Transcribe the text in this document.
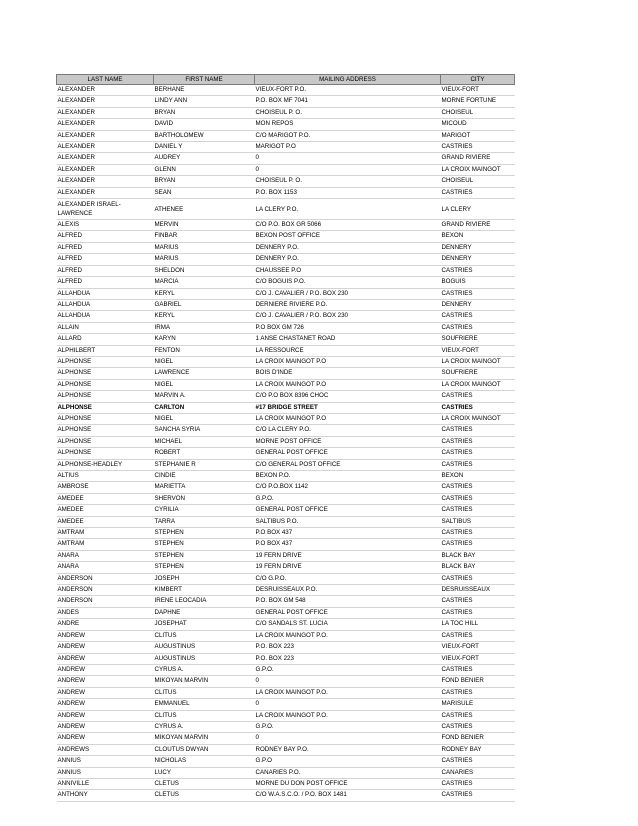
LAST NAME	FIRST NAME	MAILING ADDRESS	CITY
ALEXANDER	BERHANE	VIEUX-FORT P.O.	VIEUX-FORT
ALEXANDER	LINDY ANN	P.O. BOX MF 7041	MORNE FORTUNE
ALEXANDER	BRYAN	CHOISEUL P. O.	CHOISEUL
ALEXANDER	DAVID	MON REPOS	MICOUD
ALEXANDER	BARTHOLOMEW	C/O MARIGOT P.O.	MARIGOT
ALEXANDER	DANIEL Y	MARIGOT P.O	CASTRIES
ALEXANDER	AUDREY	0	GRAND RIVIERE
ALEXANDER	GLENN	0	LA CROIX MAINGOT
ALEXANDER	BRYAN	CHOISEUL P. O.	CHOISEUL
ALEXANDER	SEAN	P.O. BOX 1153	CASTRIES
ALEXANDER ISRAEL-LAWRENCE	ATHENEE	LA CLERY P.O.	LA CLERY
ALEXIS	MERVIN	C/O P.O. BOX GR 5066	GRAND RIVIERE
ALFRED	FINBAR	BEXON POST OFFICE	BEXON
ALFRED	MARIUS	DENNERY P.O.	DENNERY
ALFRED	MARIUS	DENNERY P.O.	DENNERY
ALFRED	SHELDON	CHAUSSEE P.O	CASTRIES
ALFRED	MARCIA	C/O BOGUIS P.O.	BOGUIS
ALLAHDUA	KERYL	C/O J. CAVALIER / P.O. BOX 230	CASTRIES
ALLAHDUA	GABRIEL	DERNIERE RIVIERE P.O.	DENNERY
ALLAHDUA	KERYL	C/O J. CAVALIER / P.O. BOX 230	CASTRIES
ALLAIN	IRMA	P.O BOX GM 726	CASTRIES
ALLARD	KARYN	1 ANSE CHASTANET ROAD	SOUFRIERE
ALPHILBERT	FENTON	LA RESSOURCE	VIEUX-FORT
ALPHONSE	NIGEL	LA CROIX MAINGOT P.O	LA CROIX MAINGOT
ALPHONSE	LAWRENCE	BOIS D'INDE	SOUFRIERE
ALPHONSE	NIGEL	LA CROIX MAINGOT P.O	LA CROIX MAINGOT
ALPHONSE	MARVIN A.	C/O P.O BOX 8396 CHOC	CASTRIES
ALPHONSE	CARLTON	#17 BRIDGE STREET	CASTRIES
ALPHONSE	NIGEL	LA CROIX MAINGOT P.O	LA CROIX MAINGOT
ALPHONSE	SANCHA SYRIA	C/O LA CLERY P.O.	CASTRIES
ALPHONSE	MICHAEL	MORNE POST OFFICE	CASTRIES
ALPHONSE	ROBERT	GENERAL POST OFFICE	CASTRIES
ALPHONSE-HEADLEY	STEPHANIE R	C/O GENERAL POST OFFICE	CASTRIES
ALTIUS	CINDIE	BEXON P.O.	BEXON
AMBROSE	MARIETTA	C/O P.O.BOX 1142	CASTRIES
AMEDEE	SHERVON	G.P.O.	CASTRIES
AMEDEE	CYRILIA	GENERAL POST OFFICE	CASTRIES
AMEDEE	TARRA	SALTIBUS P.O.	SALTIBUS
AMTRAM	STEPHEN	P.O BOX 437	CASTRIES
AMTRAM	STEPHEN	P.O BOX 437	CASTRIES
ANARA	STEPHEN	19 FERN DRIVE	BLACK BAY
ANARA	STEPHEN	19 FERN DRIVE	BLACK BAY
ANDERSON	JOSEPH	C/O G.P.O.	CASTRIES
ANDERSON	KIMBERT	DESRUISSEAUX P.O.	DESRUISSEAUX
ANDERSON	IRENE LEOCADIA	P.O. BOX GM 548	CASTRIES
ANDES	DAPHNE	GENERAL POST OFFICE	CASTRIES
ANDRE	JOSEPHAT	C/O SANDALS ST. LUCIA	LA TOC HILL
ANDREW	CLITUS	LA CROIX MAINGOT P.O.	CASTRIES
ANDREW	AUGUSTINUS	P.O. BOX 223	VIEUX-FORT
ANDREW	AUGUSTINUS	P.O. BOX 223	VIEUX-FORT
ANDREW	CYRUS A.	G.P.O.	CASTRIES
ANDREW	MIKOYAN MARVIN	0	FOND BENIER
ANDREW	CLITUS	LA CROIX MAINGOT P.O.	CASTRIES
ANDREW	EMMANUEL	0	MARISULE
ANDREW	CLITUS	LA CROIX MAINGOT P.O.	CASTRIES
ANDREW	CYRUS A.	G.P.O.	CASTRIES
ANDREW	MIKOYAN MARVIN	0	FOND BENIER
ANDREWS	CLOUTUS DWYAN	RODNEY BAY P.O.	RODNEY BAY
ANNIUS	NICHOLAS	G.P.O	CASTRIES
ANNIUS	LUCY	CANARIES P.O.	CANARIES
ANNIVILLE	CLETUS	MORNE DU DON POST OFFICE	CASTRIES
ANTHONY	CLETUS	C/O W.A.S.C.O. / P.O. BOX 1481	CASTRIES
